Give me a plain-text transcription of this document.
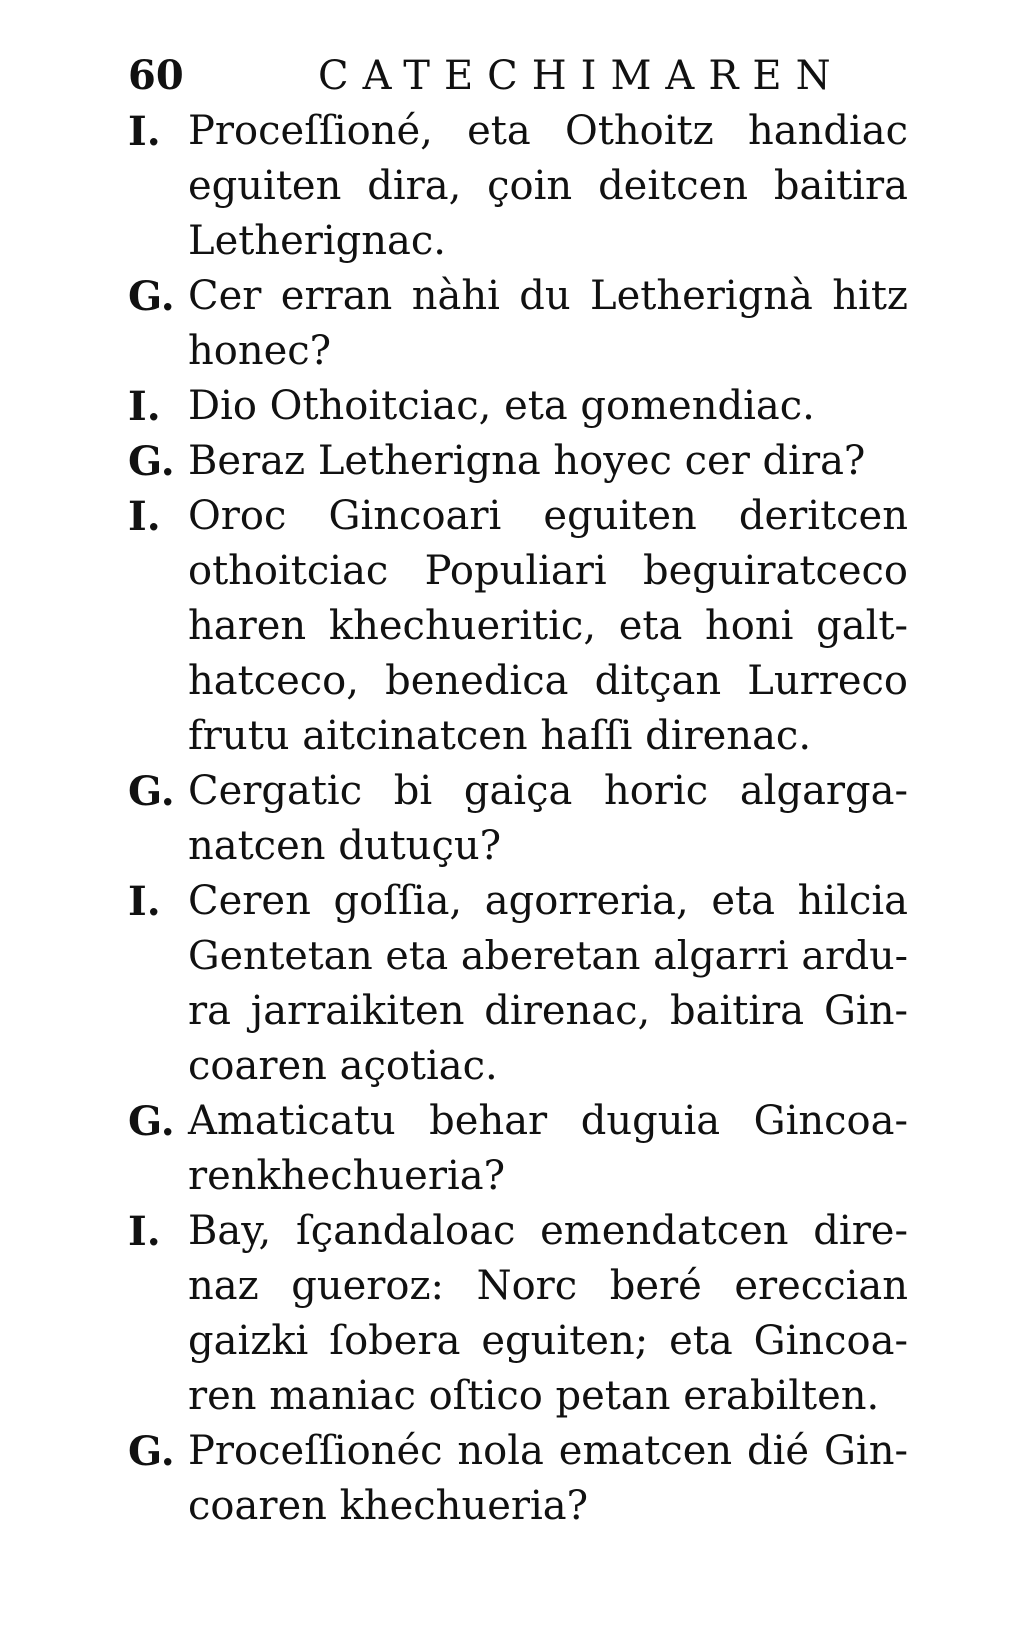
60	CATECHIMAREN
I. Proceſſioné, eta Othoitz handiac
eguiten dira, çoin deitcen baitira
Letherignac.
G. Cer erran nàhi du Letherignà hitz
honec?
I. Dio Othoitciac, eta gomendiac.
G. Beraz Letherigna hoyec cer dira?
I. Oroc Gincoari eguiten deritcen
othoitciac Populiari beguiratceco
haren khechueritic, eta honi galt-
hatceco, benedica ditçan Lurreco
frutu aitcinatcen haſſi direnac.
G. Cergatic bi gaiça horic algarga-
natcen dutuçu?
I. Ceren goſſia, agorreria, eta hilcia
Gentetan eta aberetan algarri ardu-
ra jarraikiten direnac, baitira Gin-
coaren açotiac.
G. Amaticatu behar duguia Gincoa-
renkhechueria?
I. Bay, ſçandaloac emendatcen dire-
naz gueroz: Norc beré ereccian
gaizki ſobera eguiten; eta Gincoa-
ren maniac oſtico petan erabilten.
G. Proceſſionéc nola ematcen dié Gin-
coaren khechueria?
